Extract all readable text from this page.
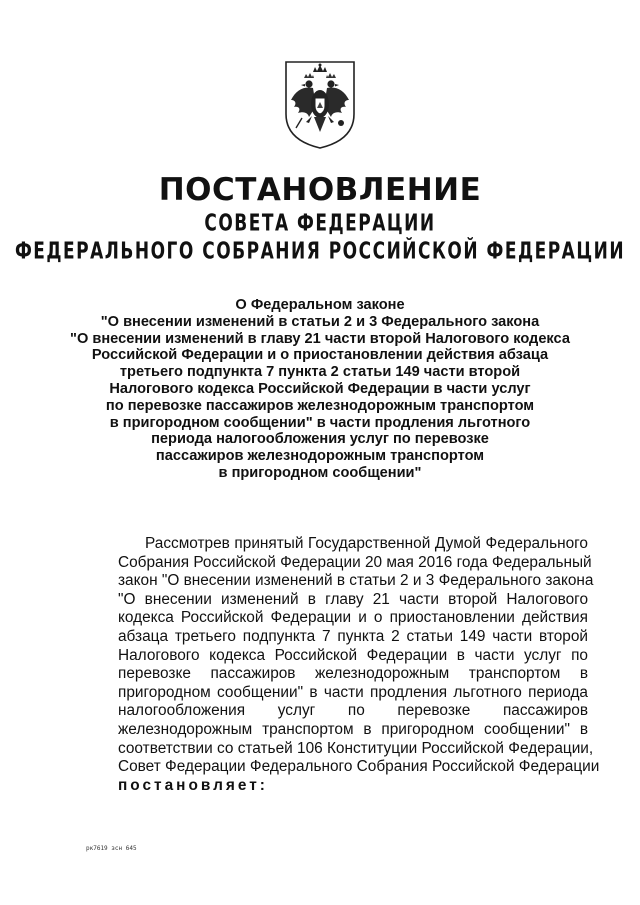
ПОСТАНОВЛЕНИЕ
СОВЕТА ФЕДЕРАЦИИ
ФЕДЕРАЛЬНОГО СОБРАНИЯ РОССИЙСКОЙ ФЕДЕРАЦИИ
О Федеральном законе
"О внесении изменений в статьи 2 и 3 Федерального закона
"О внесении изменений в главу 21 части второй Налогового кодекса
Российской Федерации и о приостановлении действия абзаца
третьего подпункта 7 пункта 2 статьи 149 части второй
Налогового кодекса Российской Федерации в части услуг
по перевозке пассажиров железнодорожным транспортом
в пригородном сообщении" в части продления льготного
периода налогообложения услуг по перевозке
пассажиров железнодорожным транспортом
в пригородном сообщении"
Рассмотрев принятый Государственной Думой Федерального
Собрания Российской Федерации 20 мая 2016 года Федеральный
закон "О внесении изменений в статьи 2 и 3 Федерального закона
"О внесении изменений в главу 21 части второй Налогового
кодекса Российской Федерации и о приостановлении действия
абзаца третьего подпункта 7 пункта 2 статьи 149 части второй
Налогового кодекса Российской Федерации в части услуг по
перевозке пассажиров железнодорожным транспортом в
пригородном сообщении" в части продления льготного периода
налогообложения услуг по перевозке пассажиров
железнодорожным транспортом в пригородном сообщении" в
соответствии со статьей 106 Конституции Российской Федерации,
Совет Федерации Федерального Собрания Российской Федерации
постановляет:
рк7619 зсн 645
